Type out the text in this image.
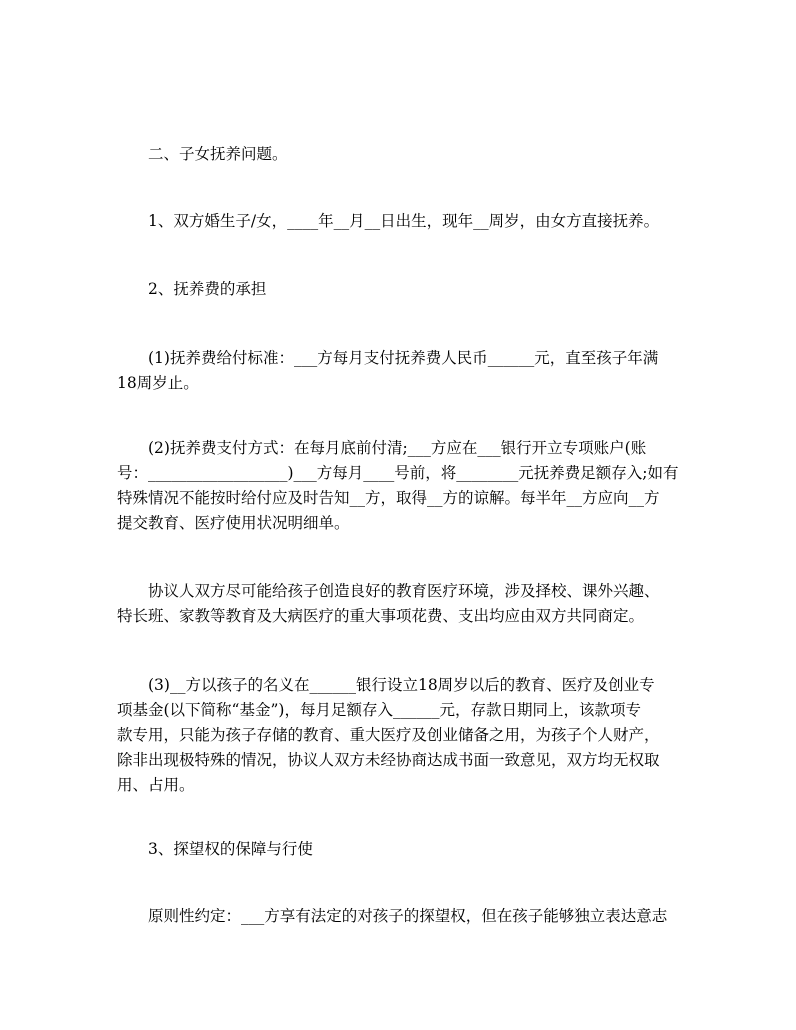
二、子女抚养问题。

1、双方婚生子/女，____年__月__日出生，现年__周岁，由女方直接抚养。

2、抚养费的承担

(1)抚养费给付标准：___方每月支付抚养费人民币______元，直至孩子年满
18周岁止。

(2)抚养费支付方式：在每月底前付清;___方应在___银行开立专项账户(账
号：__________________)___方每月____号前，将________元抚养费足额存入;如有
特殊情况不能按时给付应及时告知__方，取得__方的谅解。每半年__方应向__方
提交教育、医疗使用状况明细单。

协议人双方尽可能给孩子创造良好的教育医疗环境，涉及择校、课外兴趣、
特长班、家教等教育及大病医疗的重大事项花费、支出均应由双方共同商定。

(3)__方以孩子的名义在______银行设立18周岁以后的教育、医疗及创业专
项基金(以下简称“基金”)，每月足额存入______元，存款日期同上，该款项专
款专用，只能为孩子存储的教育、重大医疗及创业储备之用，为孩子个人财产，
除非出现极特殊的情况，协议人双方未经协商达成书面一致意见，双方均无权取
用、占用。

3、探望权的保障与行使

原则性约定：___方享有法定的对孩子的探望权，但在孩子能够独立表达意志
